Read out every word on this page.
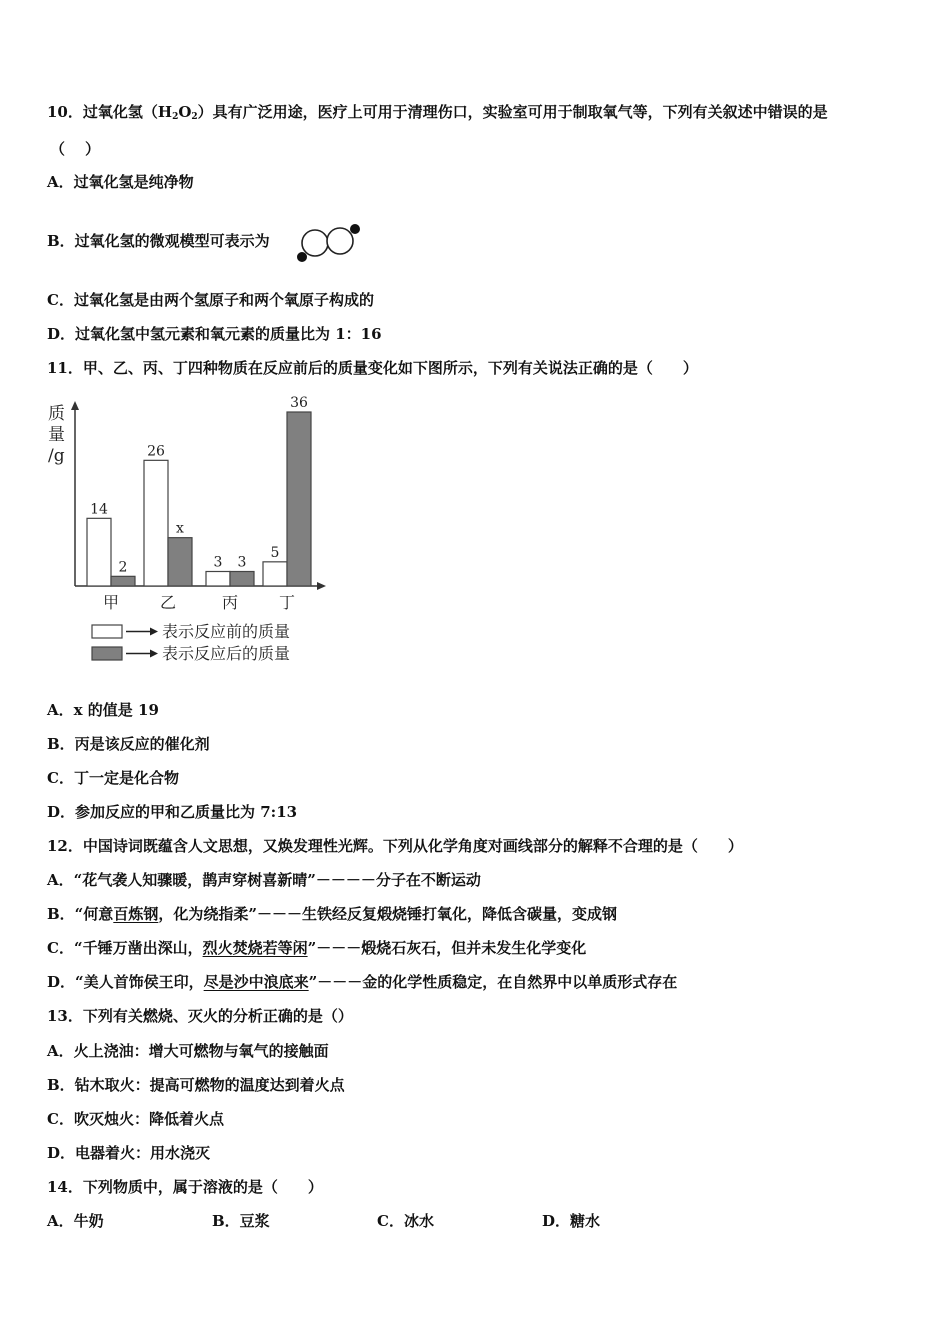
10．过氧化氢$(H_2O_2)$具有广泛用途，医疗上可用于清理伤口，实验室可用于制取氧气等，下列有关叙述中错误的是
（ ）
A．过氧化氢是纯净物
B．过氧化氢的微观模型可表示为
C．过氧化氢是由两个氢原子和两个氧原子构成的
D．过氧化氢中氢元素和氧元素的质量比为 1：16
11．甲、乙、丙、丁四种物质在反应前后的质量变化如下图所示，下列有关说法正确的是（　　）
质
量
/g
14
2
甲
26
x
乙
3 3
丙
5
36
丁
表示反应前的质量
表示反应后的质量
A．x 的值是 19
B．丙是该反应的催化剂
C．丁一定是化合物
D．参加反应的甲和乙质量比为 7:13
12．中国诗词既蕴含人文思想，又焕发理性光辉。下列从化学角度对画线部分的解释不合理的是（　　）
A．“花气袭人知骤暖，鹊声穿树喜新晴”－－－－分子在不断运动
B．“何意百炼钢，化为绕指柔”－－－生铁经反复煅烧锤打氧化，降低含碳量，变成钢
C．“千锤万凿出深山，烈火焚烧若等闲”－－－煅烧石灰石，但并未发生化学变化
D．“美人首饰侯王印，尽是沙中浪底来”－－－金的化学性质稳定，在自然界中以单质形式存在
13．下列有关燃烧、灭火的分析正确的是（）
A．火上浇油：增大可燃物与氧气的接触面
B．钻木取火：提高可燃物的温度达到着火点
C．吹灭烛火：降低着火点
D．电器着火：用水浇灭
14．下列物质中，属于溶液的是（　　）
A．牛奶	B．豆浆	C．冰水	D．糖水
